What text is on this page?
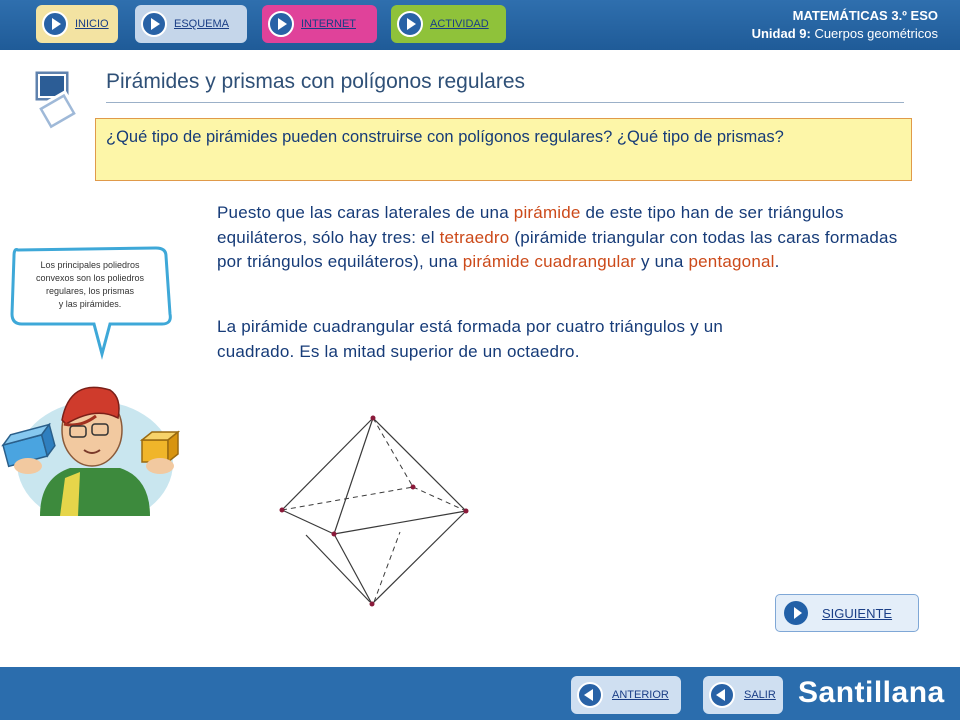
INICIO	ESQUEMA	INTERNET	ACTIVIDAD
MATEMÁTICAS 3.º ESO
Unidad 9: Cuerpos geométricos
Pirámides y prismas con polígonos regulares
¿Qué tipo de pirámides pueden construirse con polígonos regulares? ¿Qué tipo de prismas?
Puesto que las caras laterales de una pirámide de este tipo han de ser triángulos equiláteros, sólo hay tres: el tetraedro (pirámide triangular con todas las caras formadas por triángulos equiláteros), una pirámide cuadrangular y una pentagonal.
La pirámide cuadrangular está formada por cuatro triángulos y un cuadrado. Es la mitad superior de un octaedro.
Los principales poliedros
convexos son los poliedros
regulares, los prismas
y las pirámides.
SIGUIENTE
ANTERIOR	SALIR Santillana
